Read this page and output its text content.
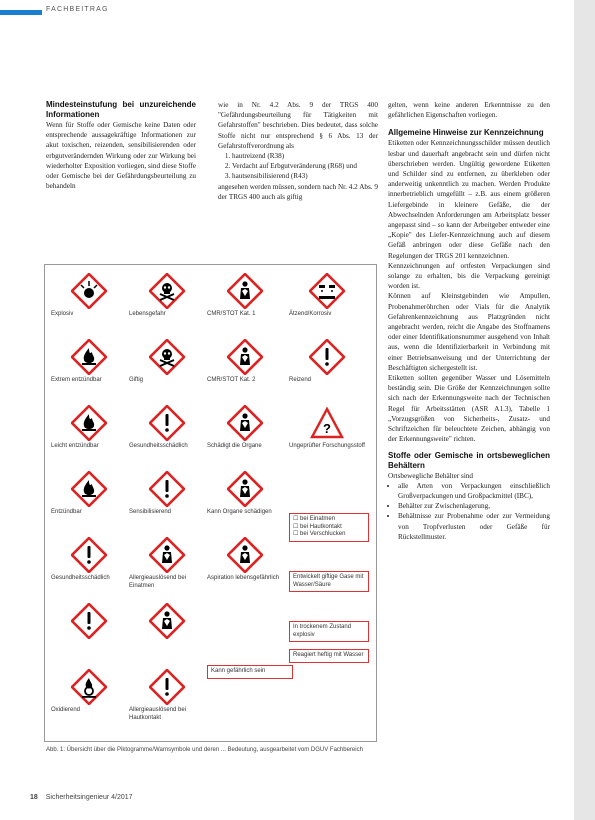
FACHBEITRAG

Mindesteinstufung bei unzureichende Informationen

Wenn für Stoffe oder Gemische keine Daten oder entsprechende aussagekräftige Informationen zur akut toxischen, reizenden, sensibilisierenden oder erbgutverändernden Wirkung oder zur Wirkung bei wiederholter Exposition vorliegen, sind diese Stoffe oder Gemische bei der Gefährdungsbeurteilung zu behandeln

wie in Nr. 4.2 Abs. 9 der TRGS 400 "Gefährdungsbeurteilung für Tätigkeiten mit Gefahrstoffen" beschrieben. Dies bedeutet, dass solche Stoffe nicht nur entsprechend § 6 Abs. 13 der Gefahrstoffverordnung als

1. hautreizend (R38)
2. Verdacht auf Erbgutveränderung (R68) und
3. hautsensibilisierend (R43)

angesehen werden müssen, sondern nach Nr. 4.2 Abs. 9 der TRGS 400 auch als giftig

gelten, wenn keine anderen Erkenntnisse zu den gefährlichen Eigenschaften vorliegen.

Allgemeine Hinweise zur Kennzeichnung

Etiketten oder Kennzeichnungsschilder müssen deutlich lesbar und dauerhaft angebracht sein und dürfen nicht überschrieben werden. Ungültig gewordene Etiketten und Schilder sind zu entfernen, zu überkleben oder anderweitig unkenntlich zu machen. Werden Produkte innerbetrieblich umgefüllt – z.B. aus einem größeren Liefergebinde in kleinere Gefäße, die der Abwechselnden Anforderungen am Arbeitsplatz besser angepasst sind – so kann der Arbeitgeber entweder eine „Kopie" des Liefer-Kennzeichnung auch auf diesem Gefäß anbringen oder diese Gefäße nach den Regelungen der TRGS 201 kennzeichnen.

Kennzeichnungen auf ortfesten Verpackungen sind solange zu erhalten, bis die Verpackung gereinigt worden ist.

Können auf Kleinstgebinden wie Ampullen, Probenahmeröhrchen oder Vials für die Analytik Gefahrenkennzeichnung aus Platzgründen nicht angebracht werden, reicht die Angabe des Stoffnamens oder einer Identifikationsnummer ausgehend von Inhalt aus, wenn die Identifizierbarkeit in Verbindung mit einer Betriebsanweisung und der Unterrichtung der Beschäftigten sichergestellt ist.

Etiketten sollten gegenüber Wasser und Lösemitteln beständig sein. Die Größe der Kennzeichnungen sollte sich nach der Erkennungsweite nach der Technischen Regel für Arbeitsstätten (ASR A1.3), Tabelle 1 „Vorzugsgrößen von Sicherheits-, Zusatz- und Schriftzeichen für beleuchtete Zeichen, abhängig von der Erkennungsweite" richten.

Stoffe oder Gemische in ortsbeweglichen Behältern

Ortsbewegliche Behälter sind

• alle Arten von Verpackungen einschließlich Großverpackungen und Großpackmittel (IBC),
• Behälter zur Zwischenlagerung,
• Behältnisse zur Probenahme oder zur Vermeidung von Tropfverlusten oder Gefäße für Rückstellmuster.
☐ bei Einatmen
☐ bei Hautkontakt
☐ bei Verschlucken
Entwickelt giftige Gase mit Wasser/Säure
In trockenem Zustand explosiv
Reagiert heftig mit Wasser
Kann gefährlich sein
Explosiv	Lebensgefahr	CMR/STOT Kat. 1	Ätzend/Korrosiv
Extrem entzündbar	Giftig	CMR/STOT Kat. 2	Reizend
Leicht entzündbar	Gesundheitsschädlich	Schädigt die Organe
?
Ungeprüfter Forschungsstoff
Entzündbar	Sensibilisierend	Kann Organe schädigen
Gesundheitsschädlich	Allergieauslösend bei Einatmen
Aspiration lebensgefährlich
Oxidierend	Allergieauslösend bei Hautkontakt
Abb. 1: Übersicht über die Piktogramme/Warnsymbole und deren ... Bedeutung, ausgearbeitet vom DGUV Fachbereich
18 Sicherheitsingenieur 4/2017
